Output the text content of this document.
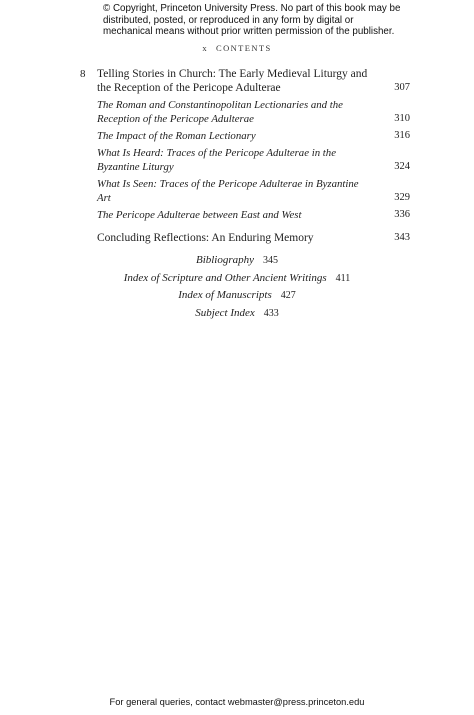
© Copyright, Princeton University Press. No part of this book may be distributed, posted, or reproduced in any form by digital or mechanical means without prior written permission of the publisher.
x CONTENTS
8 Telling Stories in Church: The Early Medieval Liturgy and the Reception of the Pericope Adulterae	307
The Roman and Constantinopolitan Lectionaries and the Reception of the Pericope Adulterae	310
The Impact of the Roman Lectionary	316
What Is Heard: Traces of the Pericope Adulterae in the Byzantine Liturgy	324
What Is Seen: Traces of the Pericope Adulterae in Byzantine Art	329
The Pericope Adulterae between East and West	336
Concluding Reflections: An Enduring Memory	343
Bibliography 345
Index of Scripture and Other Ancient Writings 411
Index of Manuscripts 427
Subject Index 433
For general queries, contact webmaster@press.princeton.edu
